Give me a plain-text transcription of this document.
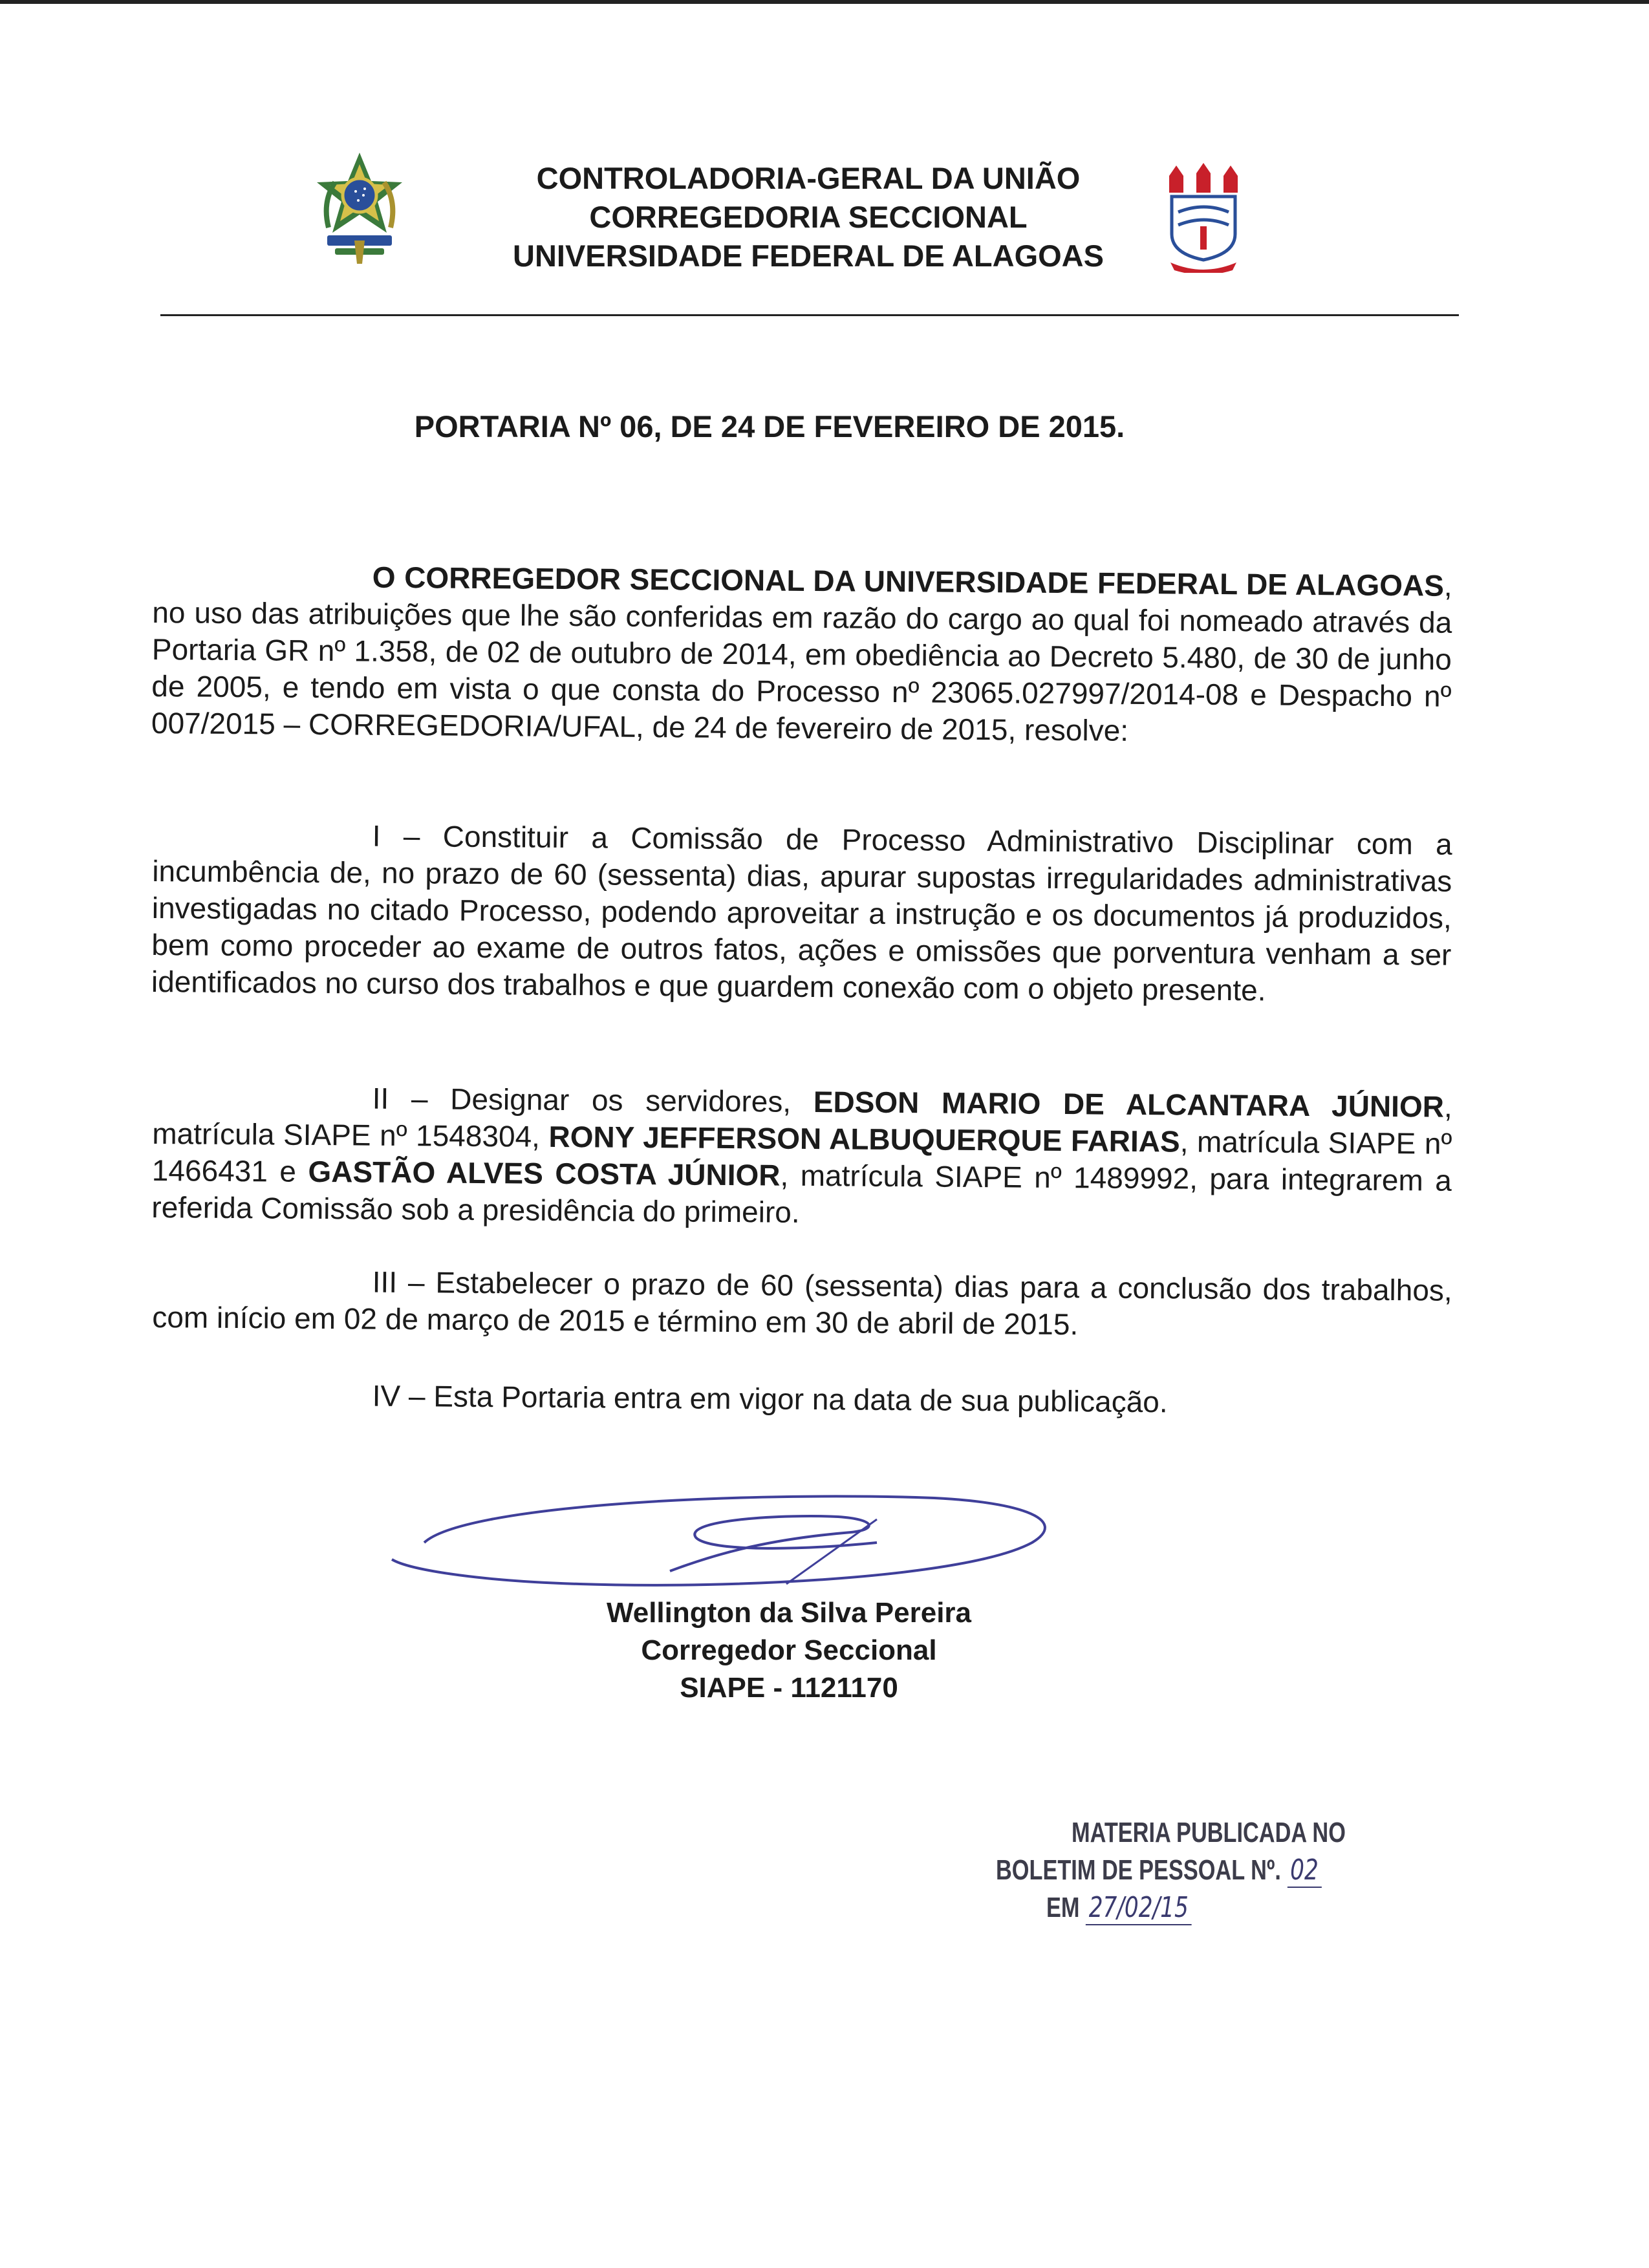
CONTROLADORIA-GERAL DA UNIÃO
CORREGEDORIA SECCIONAL
UNIVERSIDADE FEDERAL DE ALAGOAS
PORTARIA Nº 06, DE 24 DE FEVEREIRO DE 2015.
O CORREGEDOR SECCIONAL DA UNIVERSIDADE FEDERAL DE ALAGOAS, no uso das atribuições que lhe são conferidas em razão do cargo ao qual foi nomeado através da Portaria GR nº 1.358, de 02 de outubro de 2014, em obediência ao Decreto 5.480, de 30 de junho de 2005, e tendo em vista o que consta do Processo nº 23065.027997/2014-08 e Despacho nº 007/2015 – CORREGEDORIA/UFAL, de 24 de fevereiro de 2015, resolve:
I – Constituir a Comissão de Processo Administrativo Disciplinar com a incumbência de, no prazo de 60 (sessenta) dias, apurar supostas irregularidades administrativas investigadas no citado Processo, podendo aproveitar a instrução e os documentos já produzidos, bem como proceder ao exame de outros fatos, ações e omissões que porventura venham a ser identificados no curso dos trabalhos e que guardem conexão com o objeto presente.
II – Designar os servidores, EDSON MARIO DE ALCANTARA JÚNIOR, matrícula SIAPE nº 1548304, RONY JEFFERSON ALBUQUERQUE FARIAS, matrícula SIAPE nº 1466431 e GASTÃO ALVES COSTA JÚNIOR, matrícula SIAPE nº 1489992, para integrarem a referida Comissão sob a presidência do primeiro.
III – Estabelecer o prazo de 60 (sessenta) dias para a conclusão dos trabalhos, com início em 02 de março de 2015 e término em 30 de abril de 2015.
IV – Esta Portaria entra em vigor na data de sua publicação.
Wellington da Silva Pereira
Corregedor Seccional
SIAPE - 1121170
MATERIA PUBLICADA NO
BOLETIM DE PESSOAL Nº. 02
EM 27/02/15
